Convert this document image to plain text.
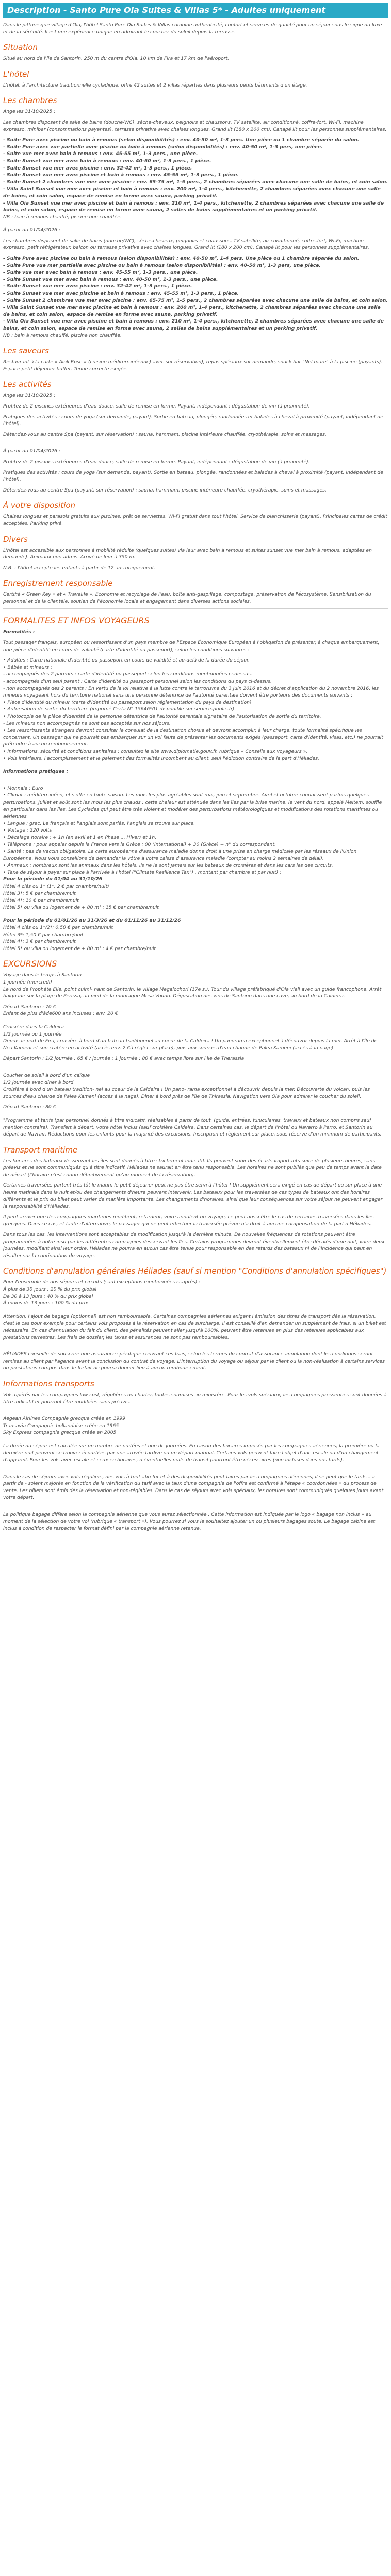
Description - Santo Pure Oia Suites & Villas 5* - Adultes uniquement

Dans le pittoresque village d'Oia, l'hôtel Santo Pure Oia Suites & Villas combine authenticité, confort et services de qualité pour un séjour sous le signe du luxe et de la sérénité. Il est une expérience unique en admirant le coucher du soleil depuis la terrasse.

Situation

Situé au nord de l'île de Santorin, 250 m du centre d'Oia, 10 km de Fira et 17 km de l'aéroport.

L'hôtel

L'hôtel, à l'architecture traditionnelle cycladique, offre 42 suites et 2 villas réparties dans plusieurs petits bâtiments d'un étage.

Les chambres

Ange les 31/10/2025 :

Les chambres disposent de salle de bains (douche/WC), sèche-cheveux, peignoirs et chaussons, TV satellite, air conditionné, coffre-fort, Wi-Fi, machine expresso, minibar (consommations payantes), terrasse privative avec chaises longues. Grand lit (180 x 200 cm). Canapé lit pour les personnes supplémentaires.

- Suite Pure avec piscine ou bain à remous (selon disponibilités) : env. 40-50 m², 1-3 pers. Une pièce ou 1 chambre séparée du salon.

- Suite Pure avec vue partielle avec piscine ou bain à remous (selon disponibilités) : env. 40-50 m², 1-3 pers, une pièce.

- Suite vue mer avec bain à remous : env. 45-55 m², 1-3 pers., une pièce.

- Suite Sunset vue mer avec bain à remous : env. 40-50 m², 1-3 pers., 1 pièce.

- Suite Sunset vue mer avec piscine : env. 32-42 m², 1-3 pers., 1 pièce.

- Suite Sunset vue mer avec piscine et bain à remous : env. 45-55 m², 1-3 pers., 1 pièce.

- Suite Sunset 2 chambres vue mer avec piscine : env. 65-75 m², 1-5 pers., 2 chambres séparées avec chacune une salle de bains, et coin salon.

- Villa Saint Sunset vue mer avec piscine et bain à remous : env. 200 m², 1-4 pers., kitchenette, 2 chambres séparées avec chacune une salle de bains, et coin salon, espace de remise en forme avec sauna, parking privatif.

- Villa Oia Sunset vue mer avec piscine et bain à remous : env. 210 m², 1-4 pers., kitchenette, 2 chambres séparées avec chacune une salle de bains, et coin salon, espace de remise en forme avec sauna, 2 salles de bains supplémentaires et un parking privatif.

NB : bain à remous chauffé, piscine non chauffée.

À partir du 01/04/2026 :

Les chambres disposent de salle de bains (douche/WC), sèche-cheveux, peignoirs et chaussons, TV satellite, air conditionné, coffre-fort, Wi-Fi, machine expresso, petit réfrigérateur, balcon ou terrasse privative avec chaises longues. Grand lit (180 x 200 cm). Canapé lit pour les personnes supplémentaires.

- Suite Pure avec piscine ou bain à remous (selon disponibilités) : env. 40-50 m², 1-4 pers. Une pièce ou 1 chambre séparée du salon.

- Suite Pure vue mer partielle avec piscine ou bain à remous (selon disponibilités) : env. 40-50 m², 1-3 pers, une pièce.

- Suite vue mer avec bain à remous : env. 45-55 m², 1-3 pers., une pièce.

- Suite Sunset vue mer avec bain à remous : env. 40-50 m², 1-3 pers., une pièce.

- Suite Sunset vue mer avec piscine : env. 32-42 m², 1-3 pers., 1 pièce.

- Suite Sunset vue mer avec piscine et bain à remous : env. 45-55 m², 1-3 pers., 1 pièce.

- Suite Sunset 2 chambres vue mer avec piscine : env. 65-75 m², 1-5 pers., 2 chambres séparées avec chacune une salle de bains, et coin salon.

- Villa Saint Sunset vue mer avec piscine et bain à remous : env. 200 m², 1-4 pers., kitchenette, 2 chambres séparées avec chacune une salle de bains, et coin salon, espace de remise en forme avec sauna, parking privatif.

- Villa Oia Sunset vue mer avec piscine et bain à remous : env. 210 m², 1-4 pers., kitchenette, 2 chambres séparées avec chacune une salle de bains, et coin salon, espace de remise en forme avec sauna, 2 salles de bains supplémentaires et un parking privatif.

NB : bain à remous chauffé, piscine non chauffée.

Les saveurs

Restaurant à la carte « Aioli Rose » (cuisine méditerranéenne) avec sur réservation), repas spéciaux sur demande, snack bar "Nel mare" à la piscine (payants). Espace petit déjeuner buffet. Tenue correcte exigée.

Les activités

Ange les 31/10/2025 :

Profitez de 2 piscines extérieures d'eau douce, salle de remise en forme. Payant, indépendant : dégustation de vin (à proximité).

Pratiques des activités : cours de yoga (sur demande, payant). Sortie en bateau, plongée, randonnées et balades à cheval à proximité (payant, indépendant de l'hôtel).

Détendez-vous au centre Spa (payant, sur réservation) : sauna, hammam, piscine intérieure chauffée, cryothérapie, soins et massages.

À partir du 01/04/2026 :

Profitez de 2 piscines extérieures d'eau douce, salle de remise en forme. Payant, indépendant : dégustation de vin (à proximité).

Pratiques des activités : cours de yoga (sur demande, payant). Sortie en bateau, plongée, randonnées et balades à cheval à proximité (payant, indépendant de l'hôtel).

Détendez-vous au centre Spa (payant, sur réservation) : sauna, hammam, piscine intérieure chauffée, cryothérapie, soins et massages.

À votre disposition

Chaises longues et parasols gratuits aux piscines, prêt de serviettes, Wi-Fi gratuit dans tout l'hôtel. Service de blanchisserie (payant). Principales cartes de crédit acceptées. Parking privé.

Divers

L'hôtel est accessible aux personnes à mobilité réduite (quelques suites) via leur avec bain à remous et suites sunset vue mer bain à remous, adaptées en demande). Animaux non admis. Arrivé de leur à 350 m.

N.B. : l'hôtel accepte les enfants à partir de 12 ans uniquement.

Enregistrement responsable

Certifié « Green Key » et « Travelife ». Economie et recyclage de l'eau, boîte anti-gaspillage, compostage, préservation de l'écosystème. Sensibilisation du personnel et de la clientèle, soutien de l'économie locale et engagement dans diverses actions sociales.

FORMALITES ET INFOS VOYAGEURS

Formalités :

Tout passager français, européen ou ressortissant d'un pays membre de l'Espace Économique Européen à l'obligation de présenter, à chaque embarquement, une pièce d'identité en cours de validité (carte d'identité ou passeport), selon les conditions suivantes :

• Adultes : Carte nationale d'identité ou passeport en cours de validité et au-delà de la durée du séjour.

• Bébés et mineurs :

- accompagnés des 2 parents : carte d'identité ou passeport selon les conditions mentionnées ci-dessus.

- accompagnés d'un seul parent : Carte d'identité ou passeport personnel selon les conditions du pays ci-dessus.

- non accompagnés des 2 parents : En vertu de la loi relative à la lutte contre le terrorisme du 3 juin 2016 et du décret d'application du 2 novembre 2016, les mineurs voyageant hors du territoire national sans une personne détentrice de l'autorité parentale doivent être porteurs des documents suivants :

• Pièce d'identité du mineur (carte d'identité ou passeport selon réglementation du pays de destination)

• Autorisation de sortie du territoire (imprimé Cerfa N° 15646*01 disponible sur service-public.fr)

• Photocopie de la pièce d'identité de la personne détentrice de l'autorité parentale signataire de l'autorisation de sortie du territoire.

- Les mineurs non accompagnés ne sont pas acceptés sur nos séjours.

• Les ressortissants étrangers devront consulter le consulat de la destination choisie et devront accomplir, à leur charge, toute formalité spécifique les concernant. Un passager qui ne pourrait pas embarquer sur un vol faute de présenter les documents exigés (passeport, carte d'identité, visas, etc.) ne pourrait prétendre à aucun remboursement.

• Informations, sécurité et conditions sanitaires : consultez le site www.diplomatie.gouv.fr, rubrique « Conseils aux voyageurs ».

• Vols intérieurs, l'accomplissement et le paiement des formalités incombent au client, seul l'édiction contraire de la part d'Héliades.

Informations pratiques :

• Monnaie : Euro

• Climat : méditerranéen, et s'ofte en toute saison. Les mois les plus agréables sont mai, juin et septembre. Avril et octobre connaissent parfois quelques perturbations. Juillet et août sont les mois les plus chauds ; cette chaleur est atténuée dans les îles par la brise marine, le vent du nord, appelé Meltem, souffle en particulier dans les îles. Les Cyclades qui peut être très violent et modérer des perturbations météorologiques et modifications des rotations maritimes ou aériennes.

• Langue : grec. Le français et l'anglais sont parlés, l'anglais se trouve sur place.

• Voltage : 220 volts

• Décalage horaire : + 1h (en avril et 1 en Phase ... Hiver) et 1h.

• Téléphone : pour appeler depuis la France vers la Grèce : 00 (international) + 30 (Grèce) + n° du correspondant.

• Santé : pas de vaccin obligatoire. La carte européenne d'assurance maladie donne droit à une prise en charge médicale par les réseaux de l'Union Européenne. Nous vous conseillons de demander la vôtre à votre caisse d'assurance maladie (compter au moins 2 semaines de délai).

• Animaux : nombreux sont les animaux dans les hôtels, ils ne le sont jamais sur les bateaux de croisières et dans les cars les des circuits.

• Taxe de séjour à payer sur place à l'arrivée à l'hôtel ("Climate Resilience Tax") , montant par chambre et par nuit) :

Pour la période du 01/04 au 31/10/26

Hôtel 4 clés ou 1* (1*: 2 € par chambre/nuit)

Hôtel 3*: 5 € par chambre/nuit

Hôtel 4*: 10 € par chambre/nuit

Hôtel 5* ou villa ou logement de + 80 m² : 15 € par chambre/nuit

Pour la période du 01/01/26 au 31/3/26 et du 01/11/26 au 31/12/26

Hôtel 4 clés ou 1*/2*: 0,50 € par chambre/nuit

Hôtel 3*: 1,50 € par chambre/nuit

Hôtel 4*: 3 € par chambre/nuit

Hôtel 5* ou villa ou logement de + 80 m² : 4 € par chambre/nuit

EXCURSIONS

Voyage dans le temps à Santorin

1 journée (mercredi)

Le nord de Prophète Elie, point culmi- nant de Santorin, le village Megalochori (17e s.). Tour du village préfabriqué d'Oia vieil avec un guide francophone. Arrêt baignade sur la plage de Perissa, au pied de la montagne Mesa Vouno. Dégustation des vins de Santorin dans une cave, au bord de la Caldeira.

Départ Santorin : 70 €

Enfant de plus d'âde600 ans incluses : env. 20 €

Croisière dans la Caldeira

1/2 journée ou 1 journée

Depuis le port de Fira, croisière à bord d'un bateau traditionnel au coeur de la Caldeira ! Un panorama exceptionnel à découvrir depuis la mer. Arrêt à l'île de Nea Kameni et son cratère en activité (accès env. 2 €à régler sur place), puis aux sources d'eau chaude de Palea Kameni (accès à la nage).

Départ Santorin : 1/2 journée : 65 € / journée ; 1 journée : 80 € avec temps libre sur l'île de Therassia

Coucher de soleil à bord d'un caïque

1/2 journée avec dîner à bord

Croisière à bord d'un bateau tradition- nel au coeur de la Caldeira ! Un pano- rama exceptionnel à découvrir depuis la mer. Découverte du volcan, puis les sources d'eau chaude de Palea Kameni (accès à la nage). Dîner à bord près de l'île de Thirassia. Navigation vers Oia pour admirer le coucher du soleil.

Départ Santorin : 80 €

"Programme et tarifs (par personne) donnés à titre indicatif, réalisables à partir de tout, (guide, entrées, funiculaires, travaux et bateaux non compris sauf mention contraire). Transfert à départ, votre hôtel inclus (sauf croisière Caldeira, Dans certaines cas, le départ de l'hôtel ou Navarro à Perro, et Santorin au départ de Navrai). Réductions pour les enfants pour la majorité des excursions. Inscription et règlement sur place, sous réserve d'un minimum de participants.

Transport maritime

Les horaires des bateaux desservant les îles sont donnés à titre strictement indicatif. Ils peuvent subir des écarts importants suite de plusieurs heures, sans préavis et ne sont communiqués qu'à titre indicatif. Héliades ne saurait en être tenu responsable. Les horaires ne sont publiés que peu de temps avant la date de départ (l'horaire n'est connu définitivement qu'au moment de la réservation).

Certaines traversées partent très tôt le matin, le petit déjeuner peut ne pas être servi à l'hôtel ! Un supplément sera exigé en cas de départ ou sur place à une heure matinale dans la nuit et/ou des changements d'heure peuvent intervenir. Les bateaux pour les traversées de ces types de bateaux ont des horaires différents et le prix du billet peut varier de manière importante. Les changements d'horaires, ainsi que leur conséquences sur votre séjour ne peuvent engager la responsabilité d'Héliades.

Il peut arriver que des compagnies maritimes modifient, retardent, voire annulent un voyage, ce peut aussi être le cas de certaines traversées dans les îles grecques. Dans ce cas, et faute d'alternative, le passager qui ne peut effectuer la traversée prévue n'a droit à aucune compensation de la part d'Héliades.

Dans tous les cas, les interventions sont acceptables de modification jusqu'à la dernière minute. De nouvelles fréquences de rotations peuvent être programmées à notre insu par les différentes compagnies desservant les îles. Certains programmes devront éventuellement être décalés d'une nuit, voire deux journées, modifiant ainsi leur ordre. Héliades ne pourra en aucun cas être tenue pour responsable en des retards des bateaux ni de l'incidence qui peut en résulter sur la continuation du voyage.

Conditions d'annulation générales Héliades (sauf si mention "Conditions d'annulation spécifiques")

Pour l'ensemble de nos séjours et circuits (sauf exceptions mentionnées ci-après) :

À plus de 30 jours : 20 % du prix global

De 30 à 13 jours : 40 % du prix global

À moins de 13 jours : 100 % du prix

Attention, l'ajout de bagage (optionnel) est non remboursable. Certaines compagnies aériennes exigent l'émission des titres de transport dès la réservation, c'est le cas pour exemple pour certains vols proposés à la réservation en cas de surcharge, il est conseillé d'en demander un supplément de frais, si un billet est nécessaire. En cas d'annulation du fait du client, des pénalités peuvent aller jusqu'à 100%, peuvent être retenues en plus des retenues applicables aux prestations terrestres. Les frais de dossier, les taxes et assurances ne sont pas remboursables.

HÉLIADES conseille de souscrire une assurance spécifique couvrant ces frais, selon les termes du contrat d'assurance annulation dont les conditions seront remises au client par l'agence avant la conclusion du contrat de voyage. L'interruption du voyage ou séjour par le client ou la non-réalisation à certains services ou prestations compris dans le forfait ne pourra donner lieu à aucun remboursement.

Informations transports

Vols opérés par les compagnies low cost, régulières ou charter, toutes soumises au ministère. Pour les vols spéciaux, les compagnies pressenties sont données à titre indicatif et pourront être modifiées sans préavis.

Aegean Airlines Compagnie grecque créée en 1999

Transavia Compagnie hollandaise créée en 1965

Sky Express compagnie grecque créée en 2005

La durée du séjour est calculée sur un nombre de nuitées et non de journées. En raison des horaires imposés par les compagnies aériennes, la première ou la dernière nuit peuvent se trouver écourtées par une arrivée tardive ou un départ matinal. Certains vols peuvent faire l'objet d'une escale ou d'un changement d'appareil. Pour les vols avec escale et ceux en horaires, d'éventuelles nuits de transit pourront être nécessaires (non incluses dans nos tarifs).

Dans le cas de séjours avec vols réguliers, des vols à tout afin fur et à des disponibilités peut faites par les compagnies aériennes, il se peut que le tarifs – a partir de - soient majorés en fonction de la vérification du tarif avec la taux d'une compagnie de l'offre est confirmé à l'étape « coordonnées » du process de vente. Les billets sont émis dès la réservation et non-réglables. Dans le cas de séjours avec vols spéciaux, les horaires sont communiqués quelques jours avant votre départ.

La politique bagage diffère selon la compagnie aérienne que vous aurez sélectionnée . Cette information est indiquée par le logo « bagage non inclus » au moment de la sélection de votre vol (rubrique « transport »). Vous pourrez si vous le souhaitez ajouter un ou plusieurs bagages soute. Le bagage cabine est inclus à condition de respecter le format défini par la compagnie aérienne retenue.
